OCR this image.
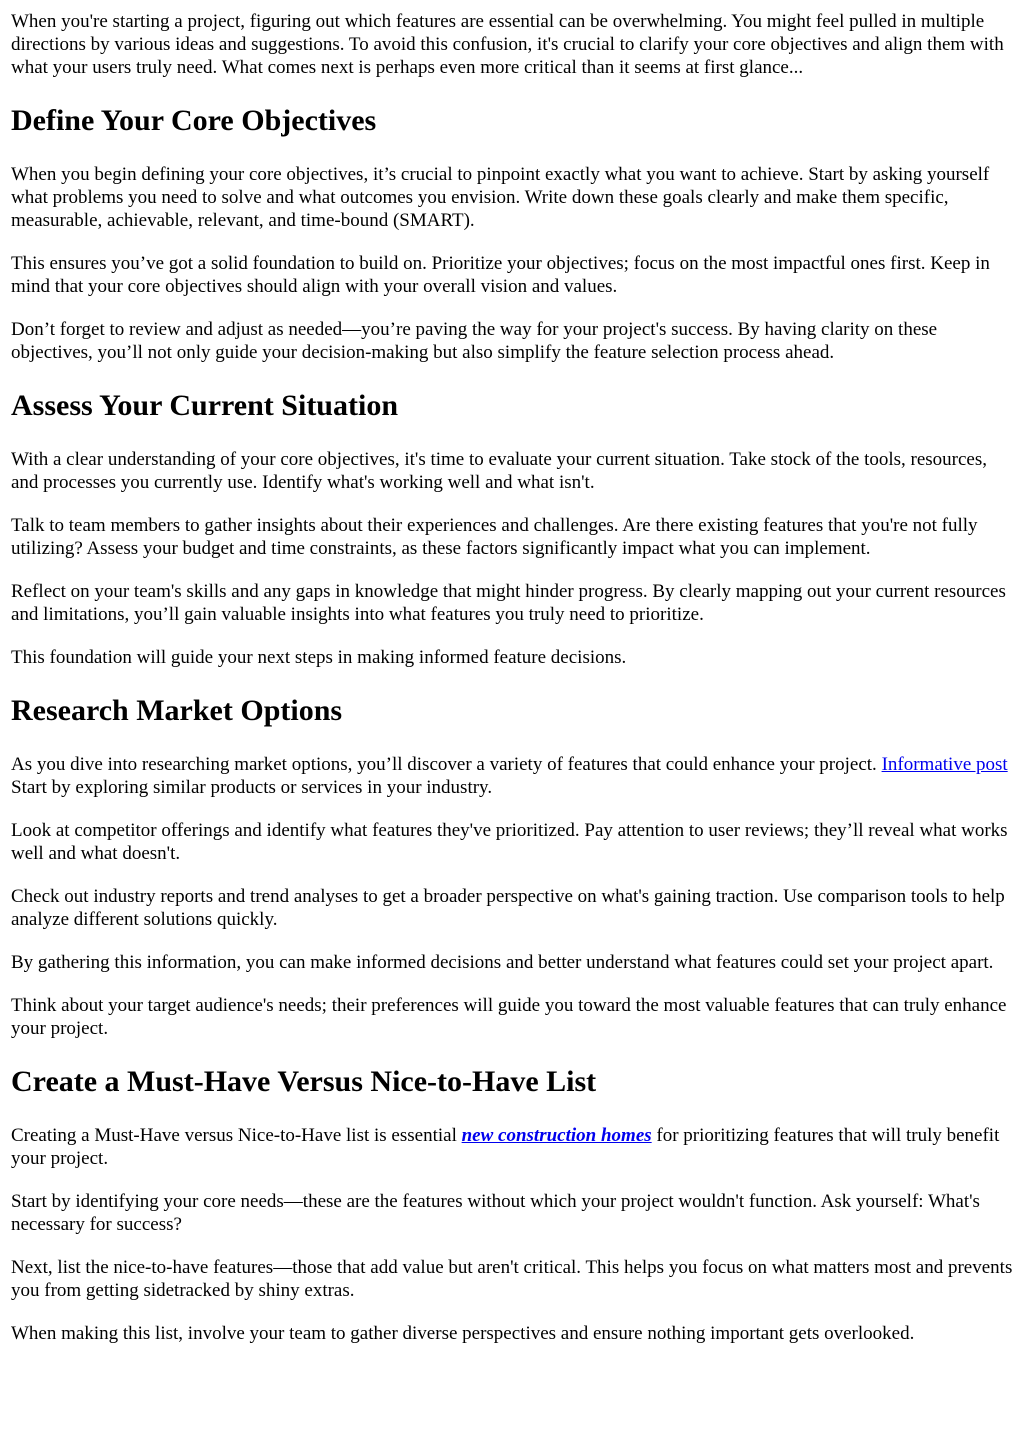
When you're starting a project, figuring out which features are essential can be overwhelming. You might feel pulled in multiple directions by various ideas and suggestions. To avoid this confusion, it's crucial to clarify your core objectives and align them with what your users truly need. What comes next is perhaps even more critical than it seems at first glance...

Define Your Core Objectives

When you begin defining your core objectives, it’s crucial to pinpoint exactly what you want to achieve. Start by asking yourself what problems you need to solve and what outcomes you envision. Write down these goals clearly and make them specific, measurable, achievable, relevant, and time-bound (SMART).

This ensures you’ve got a solid foundation to build on. Prioritize your objectives; focus on the most impactful ones first. Keep in mind that your core objectives should align with your overall vision and values.

Don’t forget to review and adjust as needed—you’re paving the way for your project's success. By having clarity on these objectives, you’ll not only guide your decision-making but also simplify the feature selection process ahead.

Assess Your Current Situation

With a clear understanding of your core objectives, it's time to evaluate your current situation. Take stock of the tools, resources, and processes you currently use. Identify what's working well and what isn't.

Talk to team members to gather insights about their experiences and challenges. Are there existing features that you're not fully utilizing? Assess your budget and time constraints, as these factors significantly impact what you can implement.

Reflect on your team's skills and any gaps in knowledge that might hinder progress. By clearly mapping out your current resources and limitations, you’ll gain valuable insights into what features you truly need to prioritize.

This foundation will guide your next steps in making informed feature decisions.

Research Market Options

As you dive into researching market options, you’ll discover a variety of features that could enhance your project. Informative post Start by exploring similar products or services in your industry.

Look at competitor offerings and identify what features they've prioritized. Pay attention to user reviews; they’ll reveal what works well and what doesn't.

Check out industry reports and trend analyses to get a broader perspective on what's gaining traction. Use comparison tools to help analyze different solutions quickly.

By gathering this information, you can make informed decisions and better understand what features could set your project apart.

Think about your target audience's needs; their preferences will guide you toward the most valuable features that can truly enhance your project.

Create a Must-Have Versus Nice-to-Have List

Creating a Must-Have versus Nice-to-Have list is essential new construction homes for prioritizing features that will truly benefit your project.

Start by identifying your core needs—these are the features without which your project wouldn't function. Ask yourself: What's necessary for success?

Next, list the nice-to-have features—those that add value but aren't critical. This helps you focus on what matters most and prevents you from getting sidetracked by shiny extras.

When making this list, involve your team to gather diverse perspectives and ensure nothing important gets overlooked.
